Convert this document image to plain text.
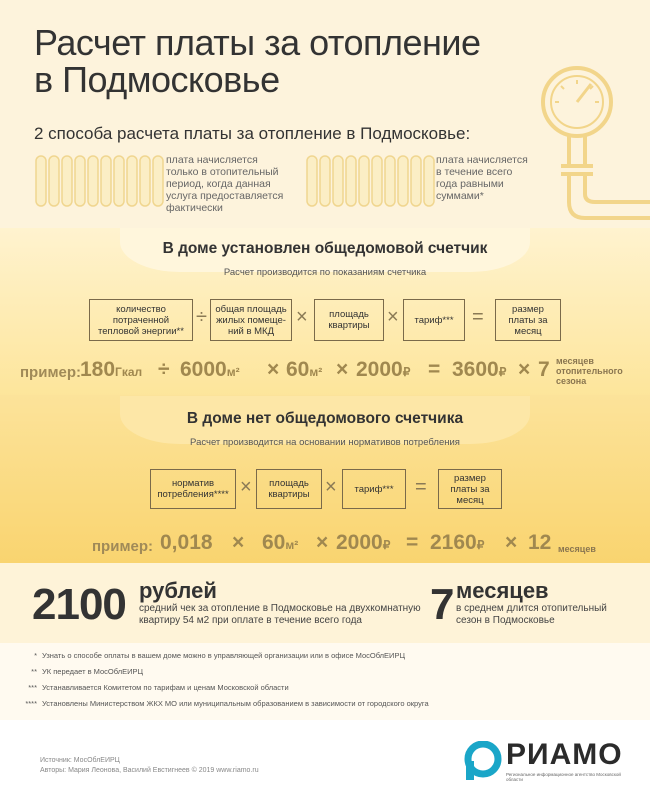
Расчет платы за отопление
в Подмосковье
2 способа расчета платы за отопление в Подмосковье:
плата начисляется
только в отопительный
период, когда данная
услуга предоставляется
фактически
плата начисляется
в течение всего
года равными
суммами*
В доме установлен общедомовой счетчик
Расчет производится по показаниям счетчика
количество потраченной тепловой энергии**
÷ общая площадь жилых помеще-ний в МКД
×	площадь квартиры ×	тариф*** =	размер платы за месяц
пример:
180Гкал ÷ 6000м² × 60м² × 2000₽ = 3600₽ × 7 месяцев
отопительного
сезона
В доме нет общедомового счетчика
Расчет производится на основании нормативов потребления
норматив потребления**** ×	площадь квартиры ×	тариф***	=	размер платы за месяц
пример: 0,018 × 60м² × 2000₽ = 2160₽ × 12 месяцев
2100 рублей
средний чек за отопление в Подмосковье на двухкомнатную
квартиру 54 м2 при оплате в течение всего года	7 месяцев
в среднем длится отопительный
сезон в Подмосковье
* Узнать о способе оплаты в вашем доме можно в управляющей организации или в офисе МосОблЕИРЦ
** УК передает в МосОблЕИРЦ
*** Устанавливается Комитетом по тарифам и ценам Московской области
**** Установлены Министерством ЖКХ МО или муниципальным образованием в зависимости от городского округа
Источник: МосОблЕИРЦ
Авторы: Мария Леонова, Василий Евстигнеев © 2019 www.riamo.ru	РИАМО
Региональное информационное агентство Московской области
